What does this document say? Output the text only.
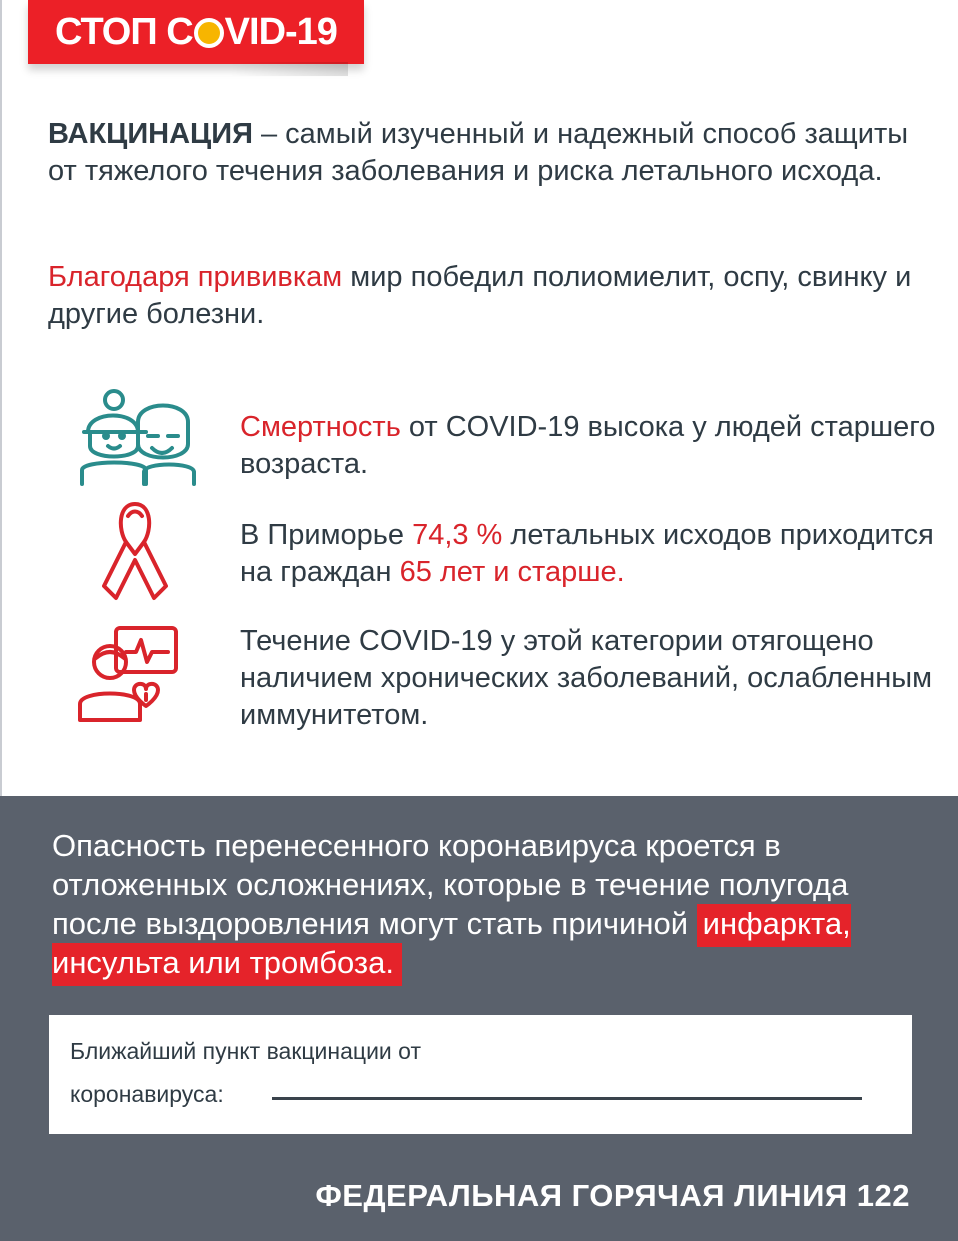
СТОП С VID-19
ВАКЦИНАЦИЯ – самый изученный и надежный способ защиты от тяжелого течения заболевания и риска летального исхода.
Благодаря прививкам мир победил полиомиелит, оспу, свинку и другие болезни.
Смертность от COVID-19 высока у людей старшего возраста.
В Приморье 74,3 % летальных исходов приходится на граждан 65 лет и старше.
Течение COVID-19 у этой категории отягощено наличием хронических заболеваний, ослабленным иммунитетом.
Опасность перенесенного коронавируса кроется в отложенных осложнениях, которые в течение полугода после выздоровления могут стать причиной инфаркта, инсульта или тромбоза.
Ближайший пункт вакцинации от
коронавируса:
ФЕДЕРАЛЬНАЯ ГОРЯЧАЯ ЛИНИЯ 122
